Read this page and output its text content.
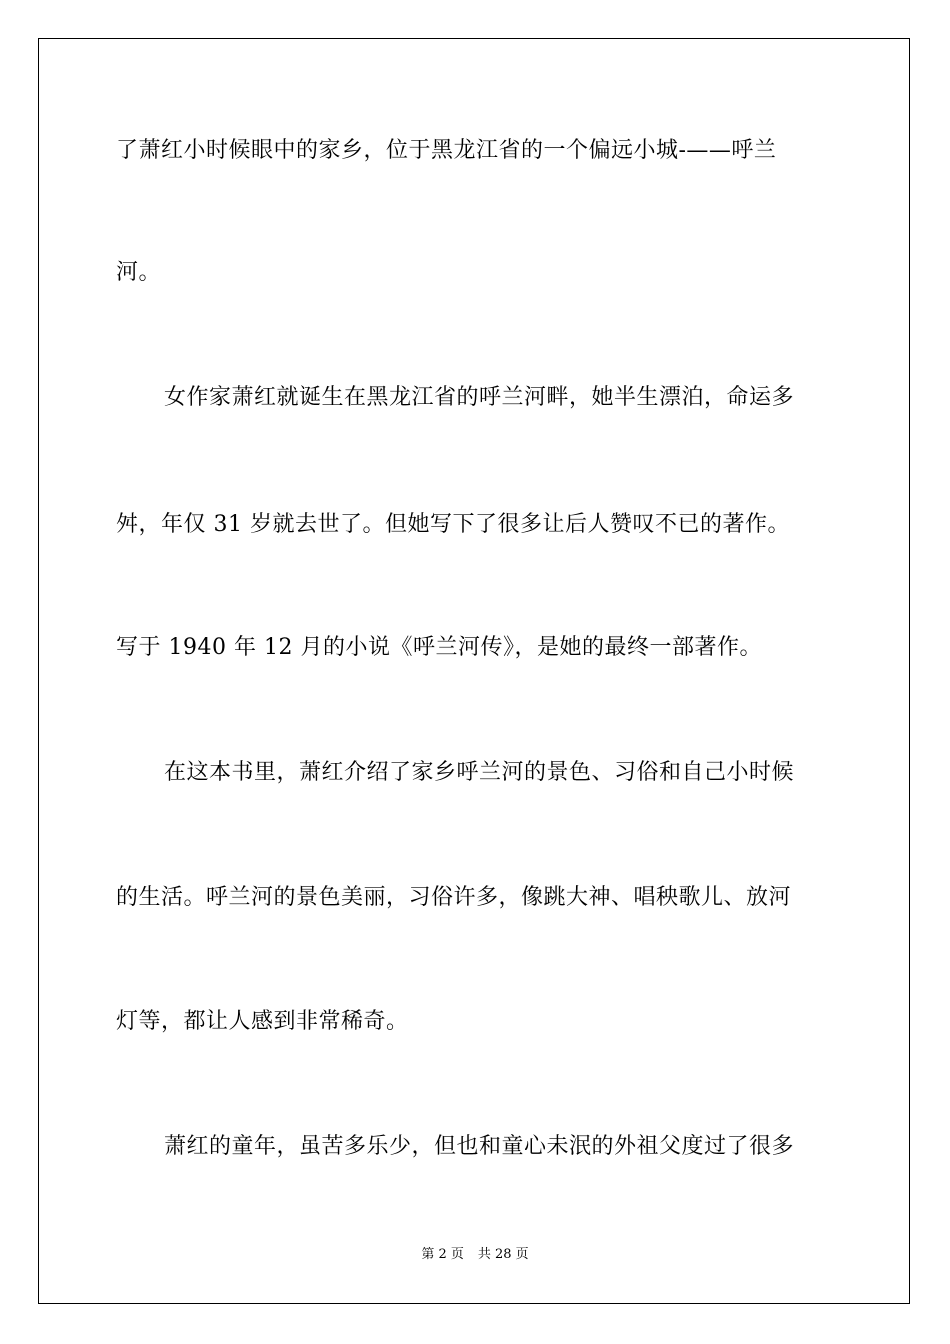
了萧红小时候眼中的家乡，位于黑龙江省的一个偏远小城-——呼兰
河。
女作家萧红就诞生在黑龙江省的呼兰河畔，她半生漂泊，命运多
舛，年仅 31 岁就去世了。但她写下了很多让后人赞叹不已的著作。
写于 1940 年 12 月的小说《呼兰河传》，是她的最终一部著作。
在这本书里，萧红介绍了家乡呼兰河的景色、习俗和自己小时候
的生活。呼兰河的景色美丽，习俗许多，像跳大神、唱秧歌儿、放河
灯等，都让人感到非常稀奇。
萧红的童年，虽苦多乐少，但也和童心未泯的外祖父度过了很多
第 2 页 共 28 页
